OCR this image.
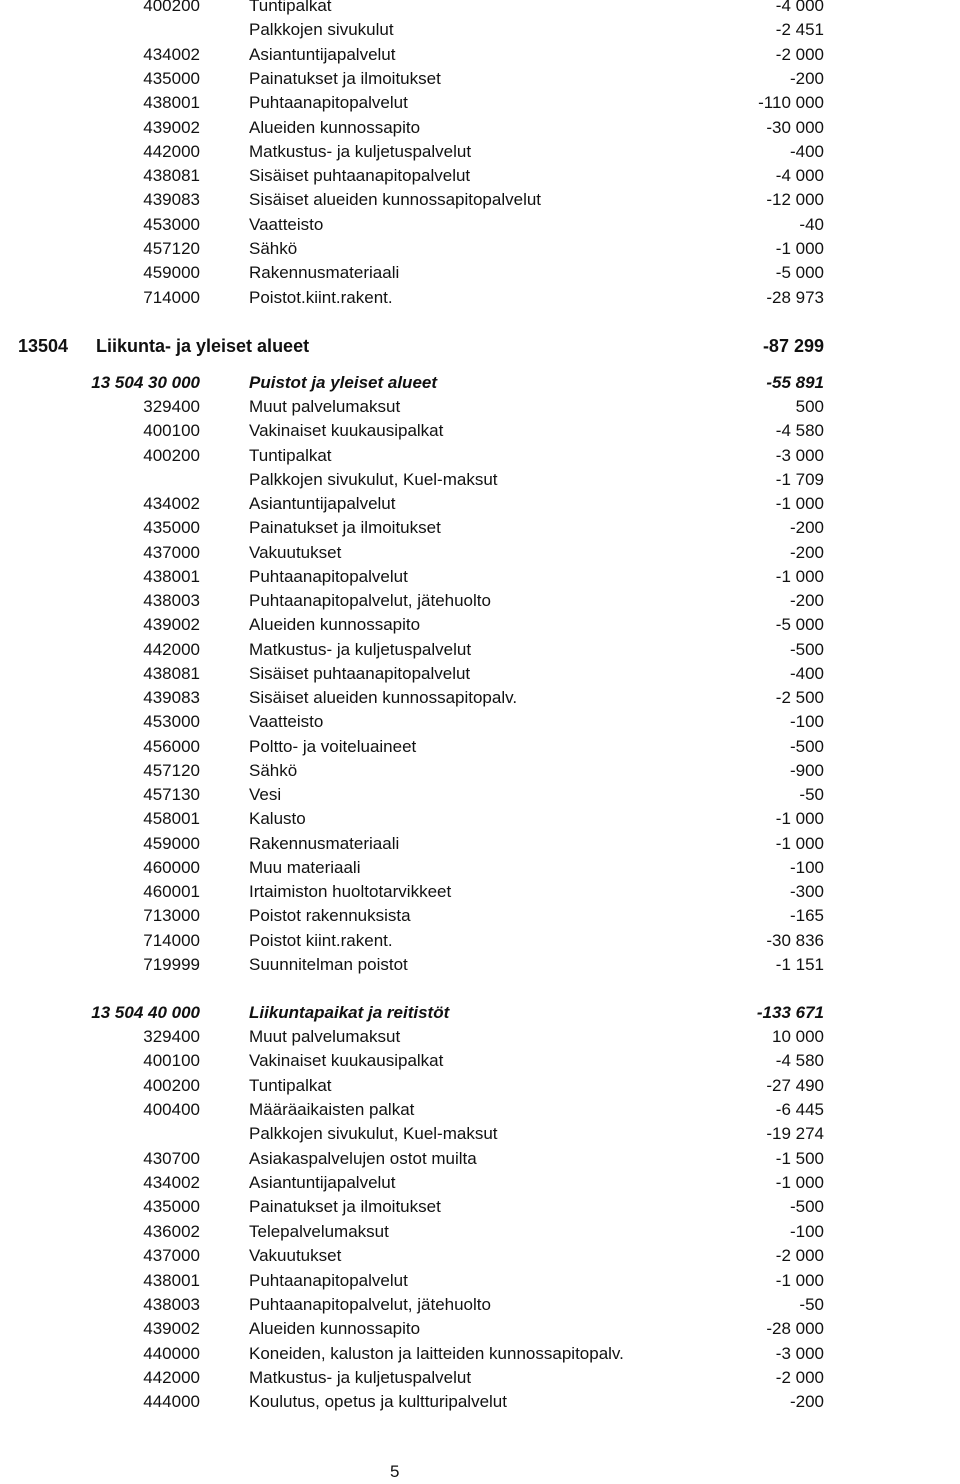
400200	Tuntipalkat	-4 000
Palkkojen sivukulut	-2 451
434002	Asiantuntijapalvelut	-2 000
435000	Painatukset ja ilmoitukset	-200
438001	Puhtaanapitopalvelut	-110 000
439002	Alueiden kunnossapito	-30 000
442000	Matkustus- ja kuljetuspalvelut	-400
438081	Sisäiset puhtaanapitopalvelut	-4 000
439083	Sisäiset alueiden kunnossapitopalvelut	-12 000
453000	Vaatteisto	-40
457120	Sähkö	-1 000
459000	Rakennusmateriaali	-5 000
714000	Poistot.kiint.rakent.	-28 973
13504 Liikunta- ja yleiset alueet	-87 299
13 504 30 000	Puistot ja yleiset alueet	-55 891
329400	Muut palvelumaksut	500
400100	Vakinaiset kuukausipalkat	-4 580
400200	Tuntipalkat	-3 000
Palkkojen sivukulut, Kuel-maksut	-1 709
434002	Asiantuntijapalvelut	-1 000
435000	Painatukset ja ilmoitukset	-200
437000	Vakuutukset	-200
438001	Puhtaanapitopalvelut	-1 000
438003	Puhtaanapitopalvelut, jätehuolto	-200
439002	Alueiden kunnossapito	-5 000
442000	Matkustus- ja kuljetuspalvelut	-500
438081	Sisäiset puhtaanapitopalvelut	-400
439083	Sisäiset alueiden kunnossapitopalv.	-2 500
453000	Vaatteisto	-100
456000	Poltto- ja voiteluaineet	-500
457120	Sähkö	-900
457130	Vesi	-50
458001	Kalusto	-1 000
459000	Rakennusmateriaali	-1 000
460000	Muu materiaali	-100
460001	Irtaimiston huoltotarvikkeet	-300
713000	Poistot rakennuksista	-165
714000	Poistot kiint.rakent.	-30 836
719999	Suunnitelman poistot	-1 151
13 504 40 000	Liikuntapaikat ja reitistöt	-133 671
329400	Muut palvelumaksut	10 000
400100	Vakinaiset kuukausipalkat	-4 580
400200	Tuntipalkat	-27 490
400400	Määräaikaisten palkat	-6 445
Palkkojen sivukulut, Kuel-maksut	-19 274
430700	Asiakaspalvelujen ostot muilta	-1 500
434002	Asiantuntijapalvelut	-1 000
435000	Painatukset ja ilmoitukset	-500
436002	Telepalvelumaksut	-100
437000	Vakuutukset	-2 000
438001	Puhtaanapitopalvelut	-1 000
438003	Puhtaanapitopalvelut, jätehuolto	-50
439002	Alueiden kunnossapito	-28 000
440000	Koneiden, kaluston ja laitteiden kunnossapitopalv.	-3 000
442000	Matkustus- ja kuljetuspalvelut	-2 000
444000	Koulutus, opetus ja kultturipalvelut	-200
5
